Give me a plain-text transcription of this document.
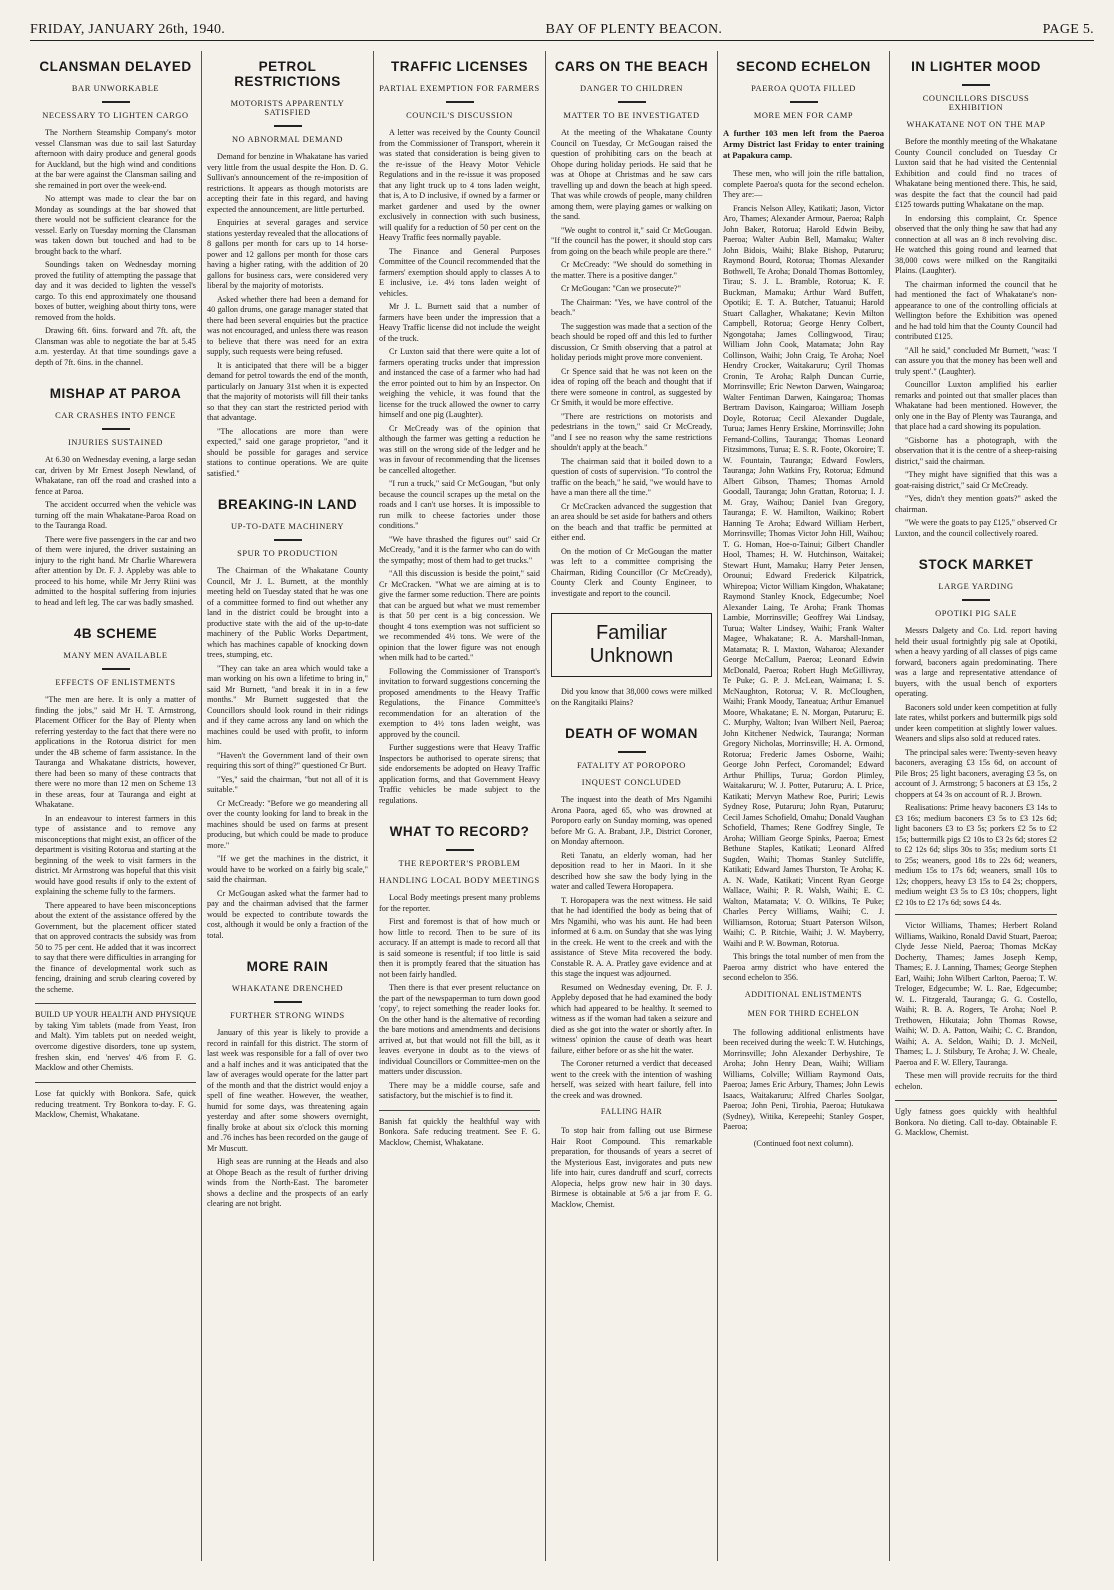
FRIDAY, JANUARY 26th, 1940.	BAY OF PLENTY BEACON.	PAGE 5.
CLANSMAN DELAYED
BAR UNWORKABLE
NECESSARY TO LIGHTEN CARGO

The Northern Steamship Company's motor vessel Clansman was due to sail last Saturday afternoon with dairy produce and general goods for Auckland, but the high wind and conditions at the bar were against the Clansman sailing and she remained in port over the week-end.

No attempt was made to clear the bar on Monday as soundings at the bar showed that there would not be sufficient clearance for the vessel. Early on Tuesday morning the Clansman was taken down but touched and had to be brought back to the wharf.

Soundings taken on Wednesday morning proved the futility of attempting the passage that day and it was decided to lighten the vessel's cargo. To this end approximately one thousand boxes of butter, weighing about thirty tons, were removed from the holds.

Drawing 6ft. 6ins. forward and 7ft. aft, the Clansman was able to negotiate the bar at 5.45 a.m. yesterday. At that time soundings gave a depth of 7ft. 6ins. in the channel.

MISHAP AT PAROA
CAR CRASHES INTO FENCE
INJURIES SUSTAINED

At 6.30 on Wednesday evening, a large sedan car, driven by Mr Ernest Joseph Newland, of Whakatane, ran off the road and crashed into a fence at Paroa.

The accident occurred when the vehicle was turning off the main Whakatane-Paroa Road on to the Tauranga Road.

There were five passengers in the car and two of them were injured, the driver sustaining an injury to the right hand. Mr Charlie Wharewera after attention by Dr. F. J. Appleby was able to proceed to his home, while Mr Jerry Riini was admitted to the hospital suffering from injuries to head and left leg. The car was badly smashed.

4B SCHEME
MANY MEN AVAILABLE
EFFECTS OF ENLISTMENTS

"The men are here. It is only a matter of finding the jobs," said Mr H. T. Armstrong, Placement Officer for the Bay of Plenty when referring yesterday to the fact that there were no applications in the Rotorua district for men under the 4B scheme of farm assistance. In the Tauranga and Whakatane districts, however, there had been so many of these contracts that there were no more than 12 men on Scheme 13 in these areas, four at Tauranga and eight at Whakatane.

In an endeavour to interest farmers in this type of assistance and to remove any misconceptions that might exist, an officer of the department is visiting Rotorua and starting at the beginning of the week to visit farmers in the district. Mr Armstrong was hopeful that this visit would have good results if only to the extent of explaining the scheme fully to the farmers.

There appeared to have been misconceptions about the extent of the assistance offered by the Government, but the placement officer stated that on approved contracts the subsidy was from 50 to 75 per cent. He added that it was incorrect to say that there were difficulties in arranging for the finance of developmental work such as fencing, draining and scrub clearing covered by the scheme.

BUILD UP YOUR HEALTH AND PHYSIQUE by taking Yim tablets (made from Yeast, Iron and Malt). Yim tablets put on needed weight, overcome digestive disorders, tone up system, freshen skin, end 'nerves' 4/6 from F. G. Macklow and other Chemists.
Lose fat quickly with Bonkora. Safe, quick reducing treatment. Try Bonkora to-day. F. G. Macklow, Chemist, Whakatane.
PETROL RESTRICTIONS
MOTORISTS APPARENTLY SATISFIED
NO ABNORMAL DEMAND

Demand for benzine in Whakatane has varied very little from the usual despite the Hon. D. G. Sullivan's announcement of the re-imposition of restrictions. It appears as though motorists are accepting their fate in this regard, and having expected the announcement, are little perturbed.

Enquiries at several garages and service stations yesterday revealed that the allocations of 8 gallons per month for cars up to 14 horse-power and 12 gallons per month for those cars having a higher rating, with the addition of 20 gallons for business cars, were considered very liberal by the majority of motorists.

Asked whether there had been a demand for 40 gallon drums, one garage manager stated that there had been several enquiries but the practice was not encouraged, and unless there was reason to believe that there was need for an extra supply, such requests were being refused.

It is anticipated that there will be a bigger demand for petrol towards the end of the month, particularly on January 31st when it is expected that the majority of motorists will fill their tanks so that they can start the restricted period with that advantage.

"The allocations are more than were expected," said one garage proprietor, "and it should be possible for garages and service stations to continue operations. We are quite satisfied."

BREAKING-IN LAND
UP-TO-DATE MACHINERY
SPUR TO PRODUCTION

The Chairman of the Whakatane County Council, Mr J. L. Burnett, at the monthly meeting held on Tuesday stated that he was one of a committee formed to find out whether any land in the district could be brought into a productive state with the aid of the up-to-date machinery of the Public Works Department, which has machines capable of knocking down trees, stumping, etc.

"They can take an area which would take a man working on his own a lifetime to bring in," said Mr Burnett, "and break it in in a few months." Mr Burnett suggested that the Councillors should look round in their ridings and if they came across any land on which the machines could be used with profit, to inform him.

"Haven't the Government land of their own requiring this sort of thing?" questioned Cr Burt.

"Yes," said the chairman, "but not all of it is suitable."

Cr McCready: "Before we go meandering all over the county looking for land to break in the machines should be used on farms at present producing, but which could be made to produce more."

"If we get the machines in the district, it would have to be worked on a fairly big scale," said the chairman.

Cr McGougan asked what the farmer had to pay and the chairman advised that the farmer would be expected to contribute towards the cost, although it would be only a fraction of the total.

MORE RAIN
WHAKATANE DRENCHED
FURTHER STRONG WINDS

January of this year is likely to provide a record in rainfall for this district. The storm of last week was responsible for a fall of over two and a half inches and it was anticipated that the law of averages would operate for the latter part of the month and that the district would enjoy a spell of fine weather. However, the weather, humid for some days, was threatening again yesterday and after some showers overnight, finally broke at about six o'clock this morning and .76 inches has been recorded on the gauge of Mr Muscutt.

High seas are running at the Heads and also at Ohope Beach as the result of further driving winds from the North-East. The barometer shows a decline and the prospects of an early clearing are not bright.

TRAFFIC LICENSES
PARTIAL EXEMPTION FOR FARMERS
COUNCIL'S DISCUSSION

A letter was received by the County Council from the Commissioner of Transport, wherein it was stated that consideration is being given to the re-issue of the Heavy Motor Vehicle Regulations and in the re-issue it was proposed that any light truck up to 4 tons laden weight, that is, A to D inclusive, if owned by a farmer or market gardener and used by the owner exclusively in connection with such business, will qualify for a reduction of 50 per cent on the Heavy Traffic fees normally payable.

The Finance and General Purposes Committee of the Council recommended that the farmers' exemption should apply to classes A to E inclusive, i.e. 4½ tons laden weight of vehicles.

Mr J. L. Burnett said that a number of farmers have been under the impression that a Heavy Traffic license did not include the weight of the truck.

Cr Luxton said that there were quite a lot of farmers operating trucks under that impression and instanced the case of a farmer who had had the error pointed out to him by an Inspector. On weighing the vehicle, it was found that the license for the truck allowed the owner to carry himself and one pig (Laughter).

Cr McCready was of the opinion that although the farmer was getting a reduction he was still on the wrong side of the ledger and he was in favour of recommending that the licenses be cancelled altogether.

"I run a truck," said Cr McGougan, "but only because the council scrapes up the metal on the roads and I can't use horses. It is impossible to run milk to cheese factories under those conditions."

"We have thrashed the figures out" said Cr McCready, "and it is the farmer who can do with the sympathy; most of them had to get trucks."

"All this discussion is beside the point," said Cr McCracken. "What we are aiming at is to give the farmer some reduction. There are points that can be argued but what we must remember is that 50 per cent is a big concession. We thought 4 tons exemption was not sufficient so we recommended 4½ tons. We were of the opinion that the lower figure was not enough when milk had to be carted."

Following the Commissioner of Transport's invitation to forward suggestions concerning the proposed amendments to the Heavy Traffic Regulations, the Finance Committee's recommendation for an alteration of the exemption to 4½ tons laden weight, was approved by the council.

Further suggestions were that Heavy Traffic Inspectors be authorised to operate sirens; that side endorsements be adopted on Heavy Traffic application forms, and that Government Heavy Traffic vehicles be made subject to the regulations.

WHAT TO RECORD?
THE REPORTER'S PROBLEM
HANDLING LOCAL BODY MEETINGS

Local Body meetings present many problems for the reporter.

First and foremost is that of how much or how little to record. Then to be sure of its accuracy. If an attempt is made to record all that is said someone is resentful; if too little is said then it is promptly feared that the situation has not been fairly handled.

Then there is that ever present reluctance on the part of the newspaperman to turn down good 'copy', to reject something the reader looks for. On the other hand is the alternative of recording the bare motions and amendments and decisions arrived at, but that would not fill the bill, as it leaves everyone in doubt as to the views of individual Councillors or Committee-men on the matters under discussion.

There may be a middle course, safe and satisfactory, but the mischief is to find it.

Banish fat quickly the healthful way with Bonkora. Safe reducing treatment. See F. G. Macklow, Chemist, Whakatane.
CARS ON THE BEACH
DANGER TO CHILDREN
MATTER TO BE INVESTIGATED

At the meeting of the Whakatane County Council on Tuesday, Cr McGougan raised the question of prohibiting cars on the beach at Ohope during holiday periods. He said that he was at Ohope at Christmas and he saw cars travelling up and down the beach at high speed. That was while crowds of people, many children among them, were playing games or walking on the sand.

"We ought to control it," said Cr McGougan. "If the council has the power, it should stop cars from going on the beach while people are there."

Cr McCready: "We should do something in the matter. There is a positive danger."

Cr McGougan: "Can we prosecute?"

The Chairman: "Yes, we have control of the beach."

The suggestion was made that a section of the beach should be roped off and this led to further discussion, Cr Smith observing that a patrol at holiday periods might prove more convenient.

Cr Spence said that he was not keen on the idea of roping off the beach and thought that if there were someone in control, as suggested by Cr Smith, it would be more effective.

"There are restrictions on motorists and pedestrians in the town," said Cr McCready, "and I see no reason why the same restrictions shouldn't apply at the beach."

The chairman said that it boiled down to a question of costs of supervision. "To control the traffic on the beach," he said, "we would have to have a man there all the time."

Cr McCracken advanced the suggestion that an area should be set aside for bathers and others on the beach and that traffic be permitted at either end.

On the motion of Cr McGougan the matter was left to a committee comprising the Chairman, Riding Councillor (Cr McCready), County Clerk and County Engineer, to investigate and report to the council.

Familiar Unknown

Did you know that 38,000 cows were milked on the Rangitaiki Plains?

DEATH OF WOMAN
FATALITY AT POROPORO
INQUEST CONCLUDED

The inquest into the death of Mrs Ngamihi Arona Paora, aged 65, who was drowned at Poroporo early on Sunday morning, was opened before Mr G. A. Brabant, J.P., District Coroner, on Monday afternoon.

Reti Tanatu, an elderly woman, had her deposition read to her in Maori. In it she described how she saw the body lying in the water and called Tewera Horopapera.

T. Horopapera was the next witness. He said that he had identified the body as being that of Mrs Ngamihi, who was his aunt. He had been informed at 6 a.m. on Sunday that she was lying in the creek. He went to the creek and with the assistance of Steve Mita recovered the body. Constable R. A. A. Pratley gave evidence and at this stage the inquest was adjourned.

Resumed on Wednesday evening, Dr. F. J. Appleby deposed that he had examined the body which had appeared to be healthy. It seemed to witness as if the woman had taken a seizure and died as she got into the water or shortly after. In witness' opinion the cause of death was heart failure, either before or as she hit the water.

The Coroner returned a verdict that deceased went to the creek with the intention of washing herself, was seized with heart failure, fell into the creek and was drowned.

FALLING HAIR

To stop hair from falling out use Birmese Hair Root Compound. This remarkable preparation, for thousands of years a secret of the Mysterious East, invigorates and puts new life into hair, cures dandruff and scurf, corrects Alopecia, helps grow new hair in 30 days. Birmese is obtainable at 5/6 a jar from F. G. Macklow, Chemist.

SECOND ECHELON
PAEROA QUOTA FILLED
MORE MEN FOR CAMP
A further 103 men left from the Paeroa Army District last Friday to enter training at Papakura camp.

These men, who will join the rifle battalion, complete Paeroa's quota for the second echelon. They are:—

Francis Nelson Alley, Katikati; Jason, Victor Aro, Thames; Alexander Armour, Paeroa; Ralph John Baker, Rotorua; Harold Edwin Beiby, Paeroa; Walter Aubin Bell, Mamaku; Walter John Bidois, Waihi; Blake Bishop, Putaruru; Raymond Bourd, Rotorua; Thomas Alexander Bothwell, Te Aroha; Donald Thomas Bottomley, Tirau; S. J. L. Bramble, Rotorua; K. F. Buckman, Mamaku; Arthur Ward Buffett, Opotiki; E. T. A. Butcher, Tatuanui; Harold Stuart Callagher, Whakatane; Kevin Milton Campbell, Rotorua; George Henry Colbert, Ngongotaha; James Collingwood, Tirau; William John Cook, Matamata; John Ray Collinson, Waihi; John Craig, Te Aroha; Noel Hendry Crocker, Waitakaruru; Cyril Thomas Cronin, Te Aroha; Ralph Duncan Currie, Morrinsville; Eric Newton Darwen, Waingaroa; Walter Fentiman Darwen, Kaingaroa; Thomas Bertram Davison, Kaingaroa; William Joseph Doyle, Rotorua; Cecil Alexander Dugdale, Turua; James Henry Erskine, Morrinsville; John Fernand-Collins, Tauranga; Thomas Leonard Fitzsimmons, Turua; E. S. R. Foote, Okoroire; T. W. Fountain, Tauranga; Edward Fowlers, Tauranga; John Watkins Fry, Rotorua; Edmund Albert Gibson, Thames; Thomas Arnold Goodall, Tauranga; John Grattan, Rotorua; I. J. M. Gray, Waihou; Daniel Ivan Gregory, Tauranga; F. W. Hamilton, Waikino; Robert Hanning Te Aroha; Edward William Herbert, Morrinsville; Thomas Victor John Hill, Waihou; T. G. Homan, Hoe-o-Tainui; Gilbert Chandler Hool, Thames; H. W. Hutchinson, Waitakei; Stewart Hunt, Mamaku; Harry Peter Jensen, Orounui; Edward Frederick Kilpatrick, Whirepoa; Victor William Kingdon, Whakatane; Raymond Stanley Knock, Edgecumbe; Noel Alexander Laing, Te Aroha; Frank Thomas Lambie, Morrinsville; Geoffrey Wai Lindsay, Turua; Walter Lindsey, Waihi; Frank Walter Magee, Whakatane; R. A. Marshall-Inman, Matamata; R. I. Maxton, Waharoa; Alexander George McCallum, Paeroa; Leonard Edwin McDonald, Paeroa; Robert Hugh McGillivray, Te Puke; G. P. J. McLean, Waimana; I. S. McNaughton, Rotorua; V. R. McCloughen, Waihi; Frank Moody, Taneatua; Arthur Emanuel Moore, Whakatane; E. N. Morgan, Putaruru; E. C. Murphy, Walton; Ivan Wilbert Neil, Paeroa; John Kitchener Nedwick, Tauranga; Norman Gregory Nicholas, Morrinsville; H. A. Ormond, Rotorua; Frederic James Osborne, Waihi; George John Perfect, Coromandel; Edward Arthur Phillips, Turua; Gordon Plimley, Waitakaruru; W. J. Potter, Putaruru; A. I. Price, Katikati; Mervyn Mathew Roe, Puriri; Lewis Sydney Rose, Putaruru; John Ryan, Putaruru; Cecil James Schofield, Omahu; Donald Vaughan Schofield, Thames; Rene Godfrey Single, Te Aroha; William George Spinks, Paeroa; Ernest Bethune Staples, Katikati; Leonard Alfred Sugden, Waihi; Thomas Stanley Sutcliffe, Katikati; Edward James Thurston, Te Aroha; K. A. N. Wade, Katikati; Vincent Ryan George Wallace, Waihi; P. R. Walsh, Waihi; E. C. Walton, Matamata; V. O. Wilkins, Te Puke; Charles Percy Williams, Waihi; C. J. Williamson, Rotorua; Stuart Paterson Wilson, Waihi; C. P. Ritchie, Waihi; J. W. Mayberry, Waihi and P. W. Bowman, Rotorua.

This brings the total number of men from the Paeroa army district who have entered the second echelon to 356.

ADDITIONAL ENLISTMENTS
MEN FOR THIRD ECHELON

The following additional enlistments have been received during the week: T. W. Hutchings, Morrinsville; John Alexander Derbyshire, Te Aroha; John Henry Dean, Waihi; William Williams, Colville; William Raymond Oats, Paeroa; James Eric Arbury, Thames; John Lewis Isaacs, Waitakaruru; Alfred Charles Soolgar, Paeroa; John Peni, Tirohia, Paeroa; Hutukawa (Sydney), Witika, Kerepeehi; Stanley Gosper, Paeroa;

(Continued foot next column).
IN LIGHTER MOOD
COUNCILLORS DISCUSS EXHIBITION
WHAKATANE NOT ON THE MAP

Before the monthly meeting of the Whakatane County Council concluded on Tuesday Cr Luxton said that he had visited the Centennial Exhibition and could find no traces of Whakatane being mentioned there. This, he said, was despite the fact that the council had paid £125 towards putting Whakatane on the map.

In endorsing this complaint, Cr. Spence observed that the only thing he saw that had any connection at all was an 8 inch revolving disc. He watched this going round and learned that 38,000 cows were milked on the Rangitaiki Plains. (Laughter).

The chairman informed the council that he had mentioned the fact of Whakatane's non-appearance to one of the controlling officials at Wellington before the Exhibition was opened and he had told him that the County Council had contributed £125.

"All he said," concluded Mr Burnett, "was: 'I can assure you that the money has been well and truly spent'." (Laughter).

Councillor Luxton amplified his earlier remarks and pointed out that smaller places than Whakatane had been mentioned. However, the only one in the Bay of Plenty was Tauranga, and that place had a card showing its population.

"Gisborne has a photograph, with the observation that it is the centre of a sheep-raising district," said the chairman.

"They might have signified that this was a goat-raising district," said Cr McCready.

"Yes, didn't they mention goats?" asked the chairman.

"We were the goats to pay £125," observed Cr Luxton, and the council collectively roared.

STOCK MARKET
LARGE YARDING
OPOTIKI PIG SALE

Messrs Dalgety and Co. Ltd. report having held their usual fortnightly pig sale at Opotiki, when a heavy yarding of all classes of pigs came forward, baconers again predominating. There was a large and representative attendance of buyers, with the usual bench of exporters operating.

Baconers sold under keen competition at fully late rates, whilst porkers and buttermilk pigs sold under keen competition at slightly lower values. Weaners and slips also sold at reduced rates.

The principal sales were: Twenty-seven heavy baconers, averaging £3 15s 6d, on account of Pile Bros; 25 light baconers, averaging £3 5s, on account of J. Armstrong; 5 baconers at £3 15s, 2 choppers at £4 3s on account of R. J. Brown.

Realisations: Prime heavy baconers £3 14s to £3 16s; medium baconers £3 5s to £3 12s 6d; light baconers £3 to £3 5s; porkers £2 5s to £2 15s; buttermilk pigs £2 10s to £3 2s 6d; stores £2 to £2 12s 6d; slips 30s to 35s; medium sorts £1 to 25s; weaners, good 18s to 22s 6d; weaners, medium 15s to 17s 6d; weaners, small 10s to 12s; choppers, heavy £3 15s to £4 2s; choppers, medium weight £3 5s to £3 10s; choppers, light £2 10s to £2 17s 6d; sows £4 4s.

Victor Williams, Thames; Herbert Roland Williams, Waikino, Ronald David Stuart, Paeroa; Clyde Jesse Nield, Paeroa; Thomas McKay Docherty, Thames; James Joseph Kemp, Thames; E. J. Lanning, Thames; George Stephen Earl, Waihi; John Wilbert Carlton, Paeroa; T. W. Treloger, Edgecumbe; W. L. Rae, Edgecumbe; W. L. Fitzgerald, Tauranga; G. G. Costello, Waihi; R. B. A. Rogers, Te Aroha; Noel P. Trethowen, Hikutaia; John Thomas Rowse, Waihi; W. D. A. Patton, Waihi; C. C. Brandon, Waihi; A. A. Seldon, Waihi; D. J. McNeil, Thames; L. J. Stilsbury, Te Aroha; J. W. Cheale, Paeroa and F. W. Ellery, Tauranga.

These men will provide recruits for the third echelon.

Ugly fatness goes quickly with healthful Bonkora. No dieting. Call to-day. Obtainable F. G. Macklow, Chemist.
